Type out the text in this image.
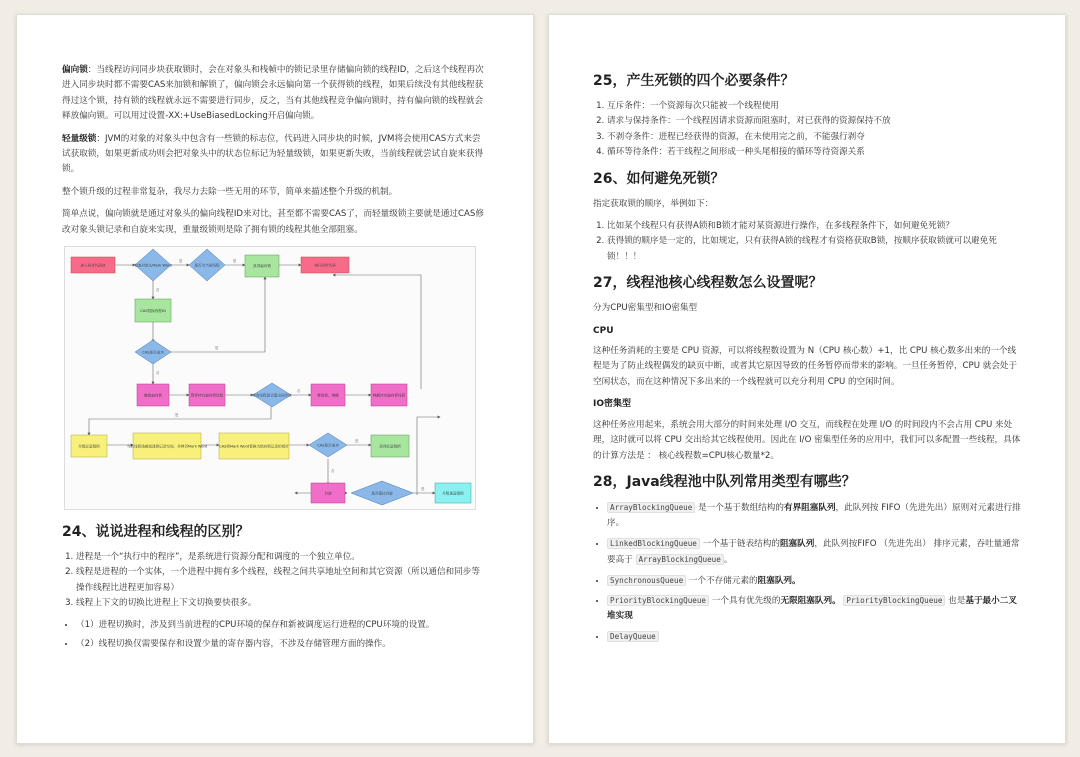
偏向锁：当线程访问同步块获取锁时，会在对象头和栈帧中的锁记录里存储偏向锁的线程ID，之后这个线程再次进入同步块时都不需要CAS来加锁和解锁了，偏向锁会永远偏向第一个获得锁的线程，如果后续没有其他线程获得过这个锁，持有锁的线程就永远不需要进行同步，反之，当有其他线程竞争偏向锁时，持有偏向锁的线程就会释放偏向锁。可以用过设置-XX:+UseBiasedLocking开启偏向锁。

轻量级锁：JVM的对象的对象头中包含有一些锁的标志位，代码进入同步块的时候，JVM将会使用CAS方式来尝试获取锁，如果更新成功则会把对象头中的状态位标记为轻量级锁，如果更新失败，当前线程就尝试自旋来获得锁。

整个锁升级的过程非常复杂，我尽力去除一些无用的环节，简单来描述整个升级的机制。

简单点说，偏向锁就是通过对象头的偏向线程ID来对比，甚至都不需要CAS了，而轻量级锁主要就是通过CAS修改对象头锁记录和自旋来实现，重量级锁则是除了拥有锁的线程其他全部阻塞。

进入同步代码块	检查对象头Mark Word	是否为当前线程	获得偏向锁	执行同步代码
CAS替换线程ID
CAS是否成功
撤销偏向锁	暂停持有偏向锁线程	持有线程是否退出同步块	释放锁，唤醒	唤醒持有偏向锁线程
升级轻量级锁	当前线程栈帧创建锁记录空间，并拷贝Mark Word	CAS将Mark Word替换为指向锁记录的指针	CAS是否成功	获得轻量级锁
自旋	是否超过自旋	升级重量级锁
是	是
否
是
否
否
是
是
否
是
24、说说进程和线程的区别？
1. 进程是一个“执行中的程序”，是系统进行资源分配和调度的一个独立单位。
2. 线程是进程的一个实体，一个进程中拥有多个线程，线程之间共享地址空间和其它资源（所以通信和同步等操作线程比进程更加容易）
3. 线程上下文的切换比进程上下文切换要快很多。
• （1）进程切换时，涉及到当前进程的CPU环境的保存和新被调度运行进程的CPU环境的设置。
• （2）线程切换仅需要保存和设置少量的寄存器内容，不涉及存储管理方面的操作。
25，产生死锁的四个必要条件？
1. 互斥条件：一个资源每次只能被一个线程使用
2. 请求与保持条件：一个线程因请求资源而阻塞时，对已获得的资源保持不放
3. 不剥夺条件：进程已经获得的资源，在未使用完之前，不能强行剥夺
4. 循环等待条件：若干线程之间形成一种头尾相接的循环等待资源关系
26、如何避免死锁？

指定获取锁的顺序，举例如下：

1. 比如某个线程只有获得A锁和B锁才能对某资源进行操作，在多线程条件下，如何避免死锁？
2. 获得锁的顺序是一定的，比如规定，只有获得A锁的线程才有资格获取B锁，按顺序获取锁就可以避免死锁！！！
27，线程池核心线程数怎么设置呢？

分为CPU密集型和IO密集型

CPU

这种任务消耗的主要是 CPU 资源，可以将线程数设置为 N（CPU 核心数）+1，比 CPU 核心数多出来的一个线程是为了防止线程偶发的缺页中断，或者其它原因导致的任务暂停而带来的影响。一旦任务暂停，CPU 就会处于空闲状态，而在这种情况下多出来的一个线程就可以充分利用 CPU 的空闲时间。

IO密集型

这种任务应用起来，系统会用大部分的时间来处理 I/O 交互，而线程在处理 I/O 的时间段内不会占用 CPU 来处理，这时就可以将 CPU 交出给其它线程使用。因此在 I/O 密集型任务的应用中，我们可以多配置一些线程，具体的计算方法是 ： 核心线程数=CPU核心数量*2。

28，Java线程池中队列常用类型有哪些？
• ArrayBlockingQueue 是一个基于数组结构的有界阻塞队列，此队列按 FIFO（先进先出）原则对元素进行排序。
• LinkedBlockingQueue 一个基于链表结构的阻塞队列，此队列按FIFO （先进先出） 排序元素，吞吐量通常要高于 ArrayBlockingQueue 。
• SynchronousQueue 一个不存储元素的阻塞队列。
• PriorityBlockingQueue 一个具有优先级的无限阻塞队列。 PriorityBlockingQueue 也是基于最小二叉堆实现
• DelayQueue
